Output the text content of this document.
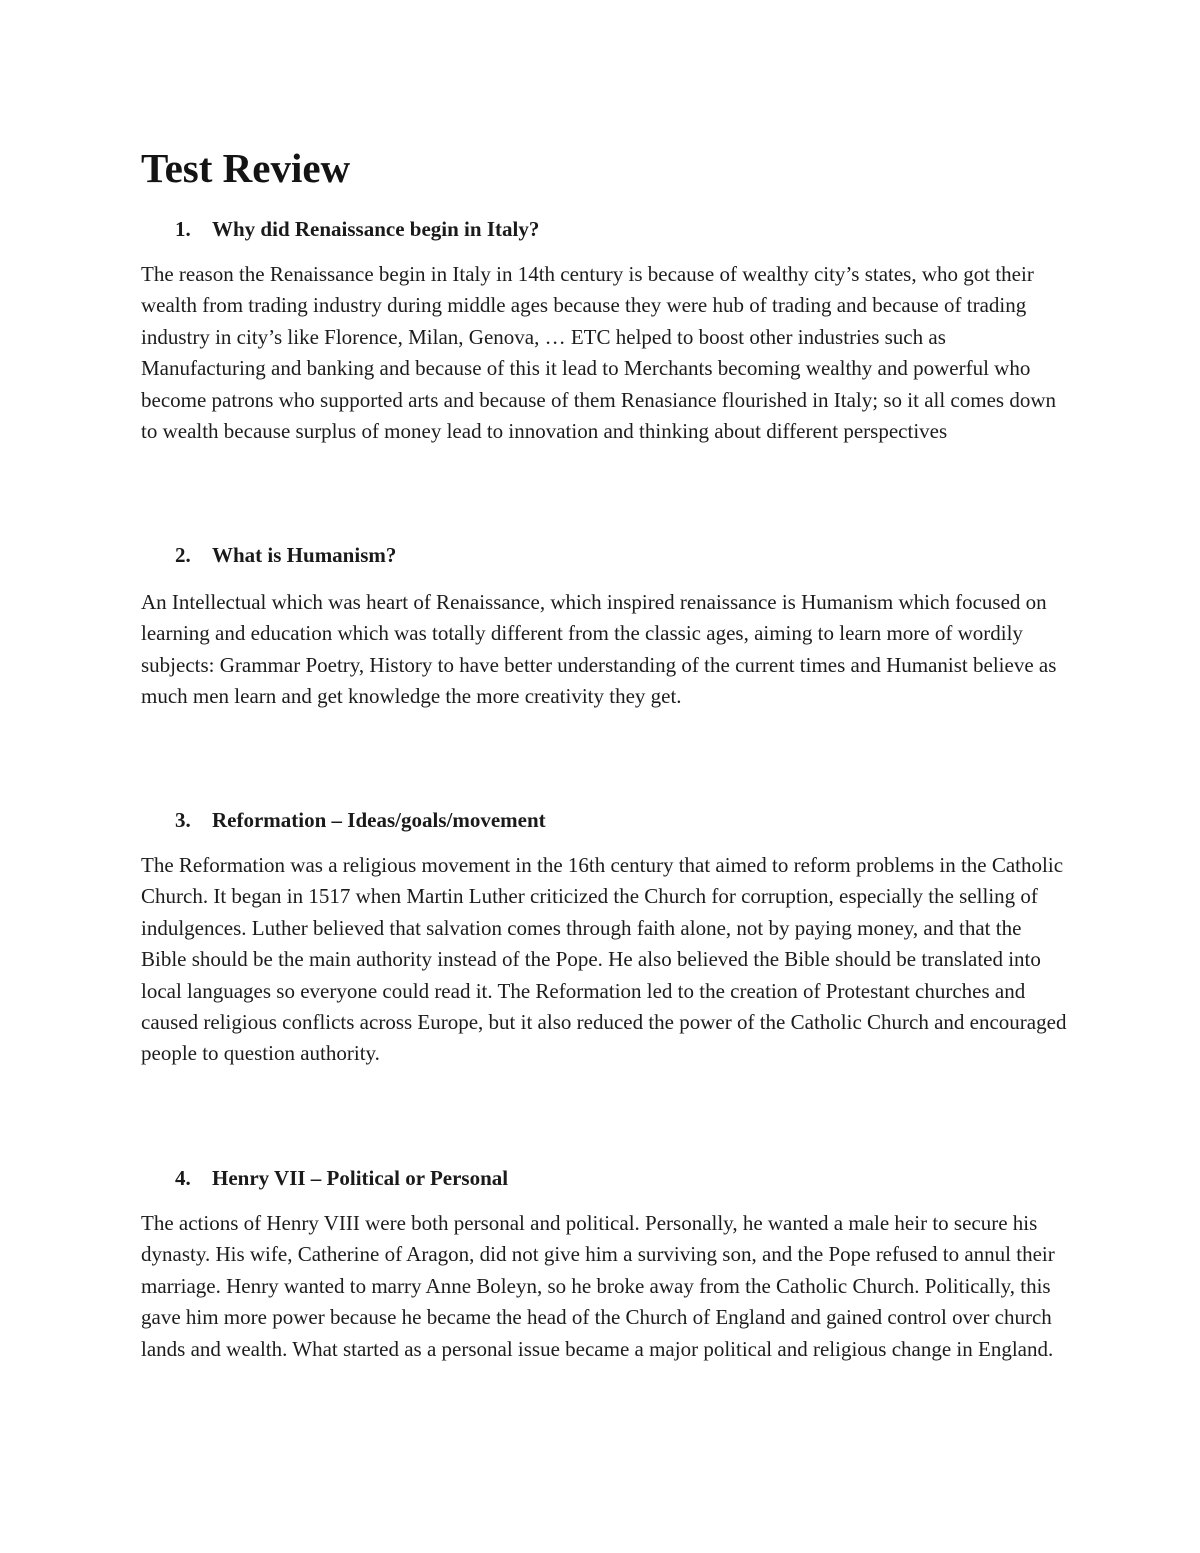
Test Review
1. Why did Renaissance begin in Italy?

The reason the Renaissance begin in Italy in 14th century is because of wealthy city’s states, who got their wealth from trading industry during middle ages because they were hub of trading and because of trading industry in city’s like Florence, Milan, Genova, … ETC helped to boost other industries such as Manufacturing and banking and because of this it lead to Merchants becoming wealthy and powerful who become patrons who supported arts and because of them Renasiance flourished in Italy; so it all comes down to wealth because surplus of money lead to innovation and thinking about different perspectives

2. What is Humanism?

An Intellectual which was heart of Renaissance, which inspired renaissance is Humanism which focused on learning and education which was totally different from the classic ages, aiming to learn more of wordily subjects: Grammar Poetry, History to have better understanding of the current times and Humanist believe as much men learn and get knowledge the more creativity they get.

3. Reformation – Ideas/goals/movement

The Reformation was a religious movement in the 16th century that aimed to reform problems in the Catholic Church. It began in 1517 when Martin Luther criticized the Church for corruption, especially the selling of indulgences. Luther believed that salvation comes through faith alone, not by paying money, and that the Bible should be the main authority instead of the Pope. He also believed the Bible should be translated into local languages so everyone could read it. The Reformation led to the creation of Protestant churches and caused religious conflicts across Europe, but it also reduced the power of the Catholic Church and encouraged people to question authority.

4. Henry VII – Political or Personal

The actions of Henry VIII were both personal and political. Personally, he wanted a male heir to secure his dynasty. His wife, Catherine of Aragon, did not give him a surviving son, and the Pope refused to annul their marriage. Henry wanted to marry Anne Boleyn, so he broke away from the Catholic Church. Politically, this gave him more power because he became the head of the Church of England and gained control over church lands and wealth. What started as a personal issue became a major political and religious change in England.
